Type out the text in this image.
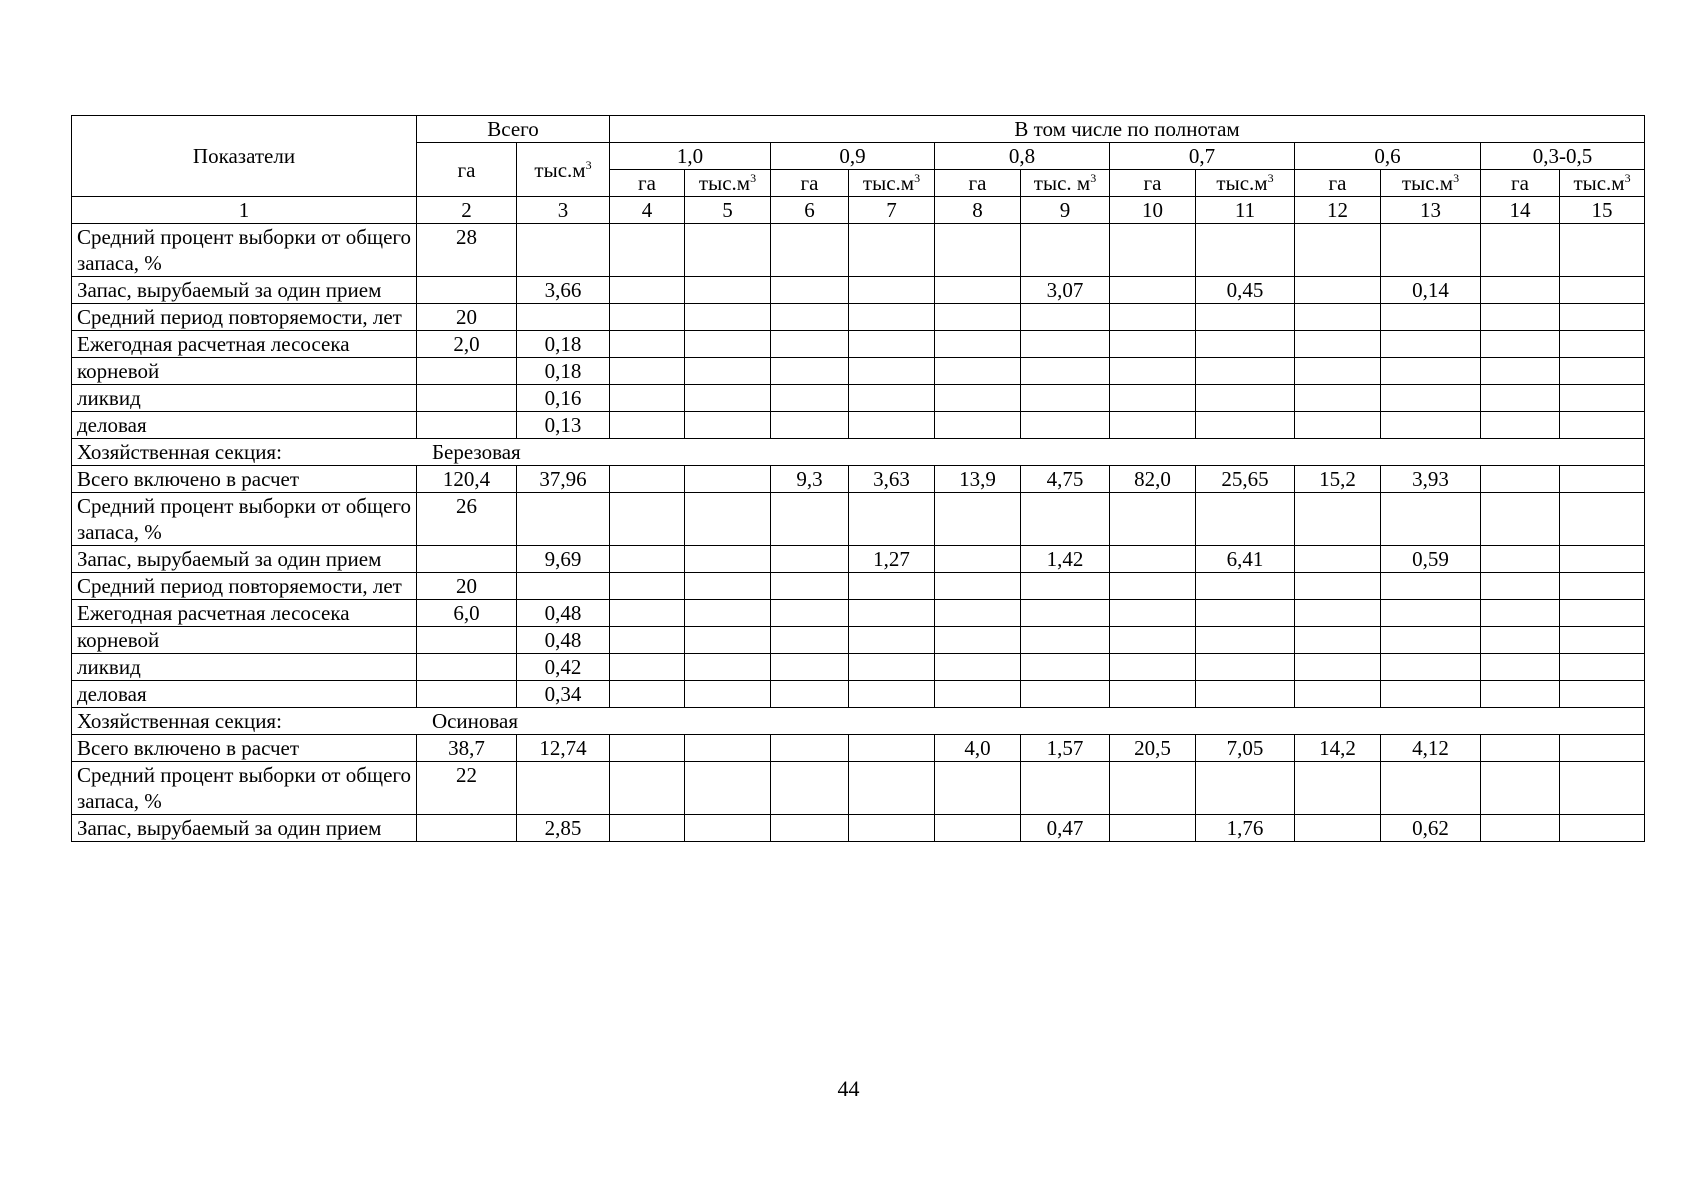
Показатели	Всего		В том числе по полнотам											
	га	$тыс.м^3$	1,0		0,9		0,8		0,7		0,6		0,3-0,5	
			га	$тыс.м^3$	га	$тыс.м^3$	га	тыс. $м^3$	га	$тыс.м^3$	га	$тыс.м^3$	га	$тыс.м^3$
1	2	3	4	5	6	7	8	9	10	11	12	13	14	15
Средний процент выборки от общего запаса, %	28													
Запас, вырубаемый за один прием		3,66						3,07		0,45		0,14		
Средний период повторяемости, лет	20													
Ежегодная расчетная лесосека	2,0	0,18												
корневой		0,18												
ликвид		0,16												
деловая		0,13												
Хозяйственная секция: Березовая														
Всего включено в расчет	120,4	37,96			9,3	3,63	13,9	4,75	82,0	25,65	15,2	3,93		
Средний процент выборки от общего запаса, %	26													
Запас, вырубаемый за один прием		9,69				1,27		1,42		6,41		0,59		
Средний период повторяемости, лет	20													
Ежегодная расчетная лесосека	6,0	0,48												
корневой		0,48												
ликвид		0,42												
деловая		0,34												
Хозяйственная секция: Осиновая														
Всего включено в расчет	38,7	12,74					4,0	1,57	20,5	7,05	14,2	4,12		
Средний процент выборки от общего запаса, %	22													
Запас, вырубаемый за один прием		2,85						0,47		1,76		0,62		
44
